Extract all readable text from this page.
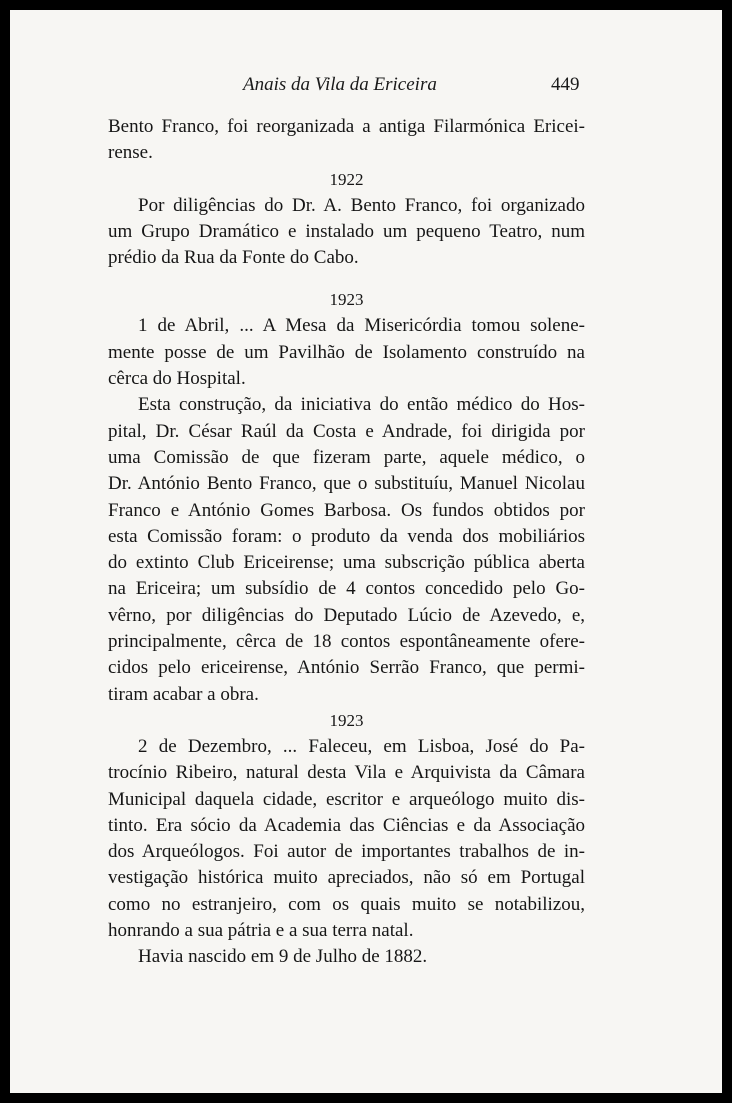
Anais da Vila da Ericeira	449

Bento Franco, foi reorganizada a antiga Filarmónica Ericei-

rense.

1922

Por diligências do Dr. A. Bento Franco, foi organizado

um Grupo Dramático e instalado um pequeno Teatro, num

prédio da Rua da Fonte do Cabo.

1923

1 de Abril, ... A Mesa da Misericórdia tomou solene-

mente posse de um Pavilhão de Isolamento construído na

cêrca do Hospital.

Esta construção, da iniciativa do então médico do Hos-

pital, Dr. César Raúl da Costa e Andrade, foi dirigida por

uma Comissão de que fizeram parte, aquele médico, o

Dr. António Bento Franco, que o substituíu, Manuel Nicolau

Franco e António Gomes Barbosa. Os fundos obtidos por

esta Comissão foram: o produto da venda dos mobiliários

do extinto Club Ericeirense; uma subscrição pública aberta

na Ericeira; um subsídio de 4 contos concedido pelo Go-

vêrno, por diligências do Deputado Lúcio de Azevedo, e,

principalmente, cêrca de 18 contos espontâneamente ofere-

cidos pelo ericeirense, António Serrão Franco, que permi-

tiram acabar a obra.

1923

2 de Dezembro, ... Faleceu, em Lisboa, José do Pa-

trocínio Ribeiro, natural desta Vila e Arquivista da Câmara

Municipal daquela cidade, escritor e arqueólogo muito dis-

tinto. Era sócio da Academia das Ciências e da Associação

dos Arqueólogos. Foi autor de importantes trabalhos de in-

vestigação histórica muito apreciados, não só em Portugal

como no estranjeiro, com os quais muito se notabilizou,

honrando a sua pátria e a sua terra natal.

Havia nascido em 9 de Julho de 1882.
